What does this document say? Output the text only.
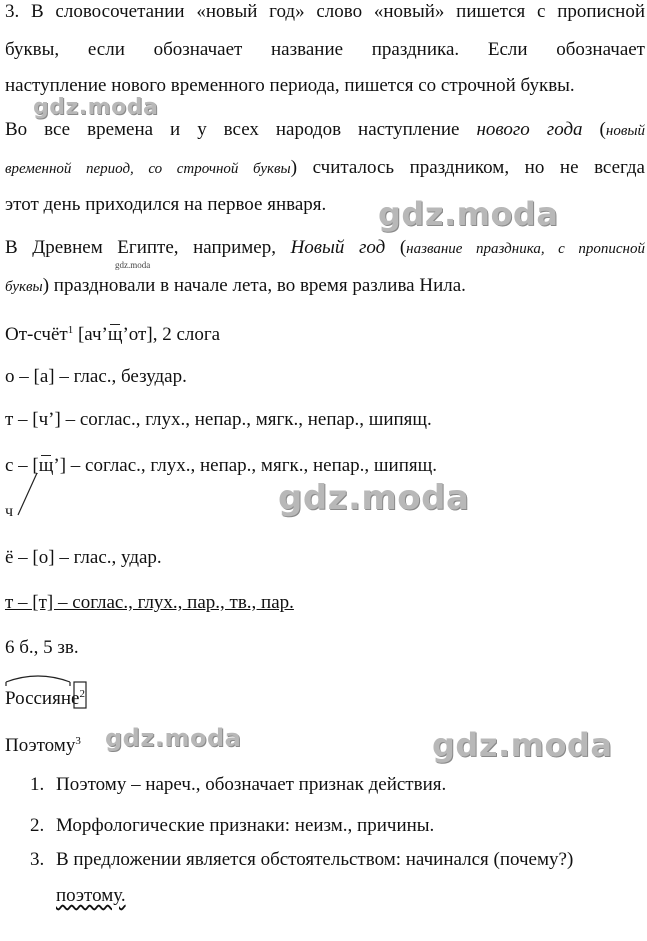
3. В словосочетании «новый год» слово «новый» пишется с прописной
буквы, если обозначает название праздника. Если обозначает
наступление нового временного периода, пишется со строчной буквы.
gdz.moda
Во все времена и у всех народов наступление нового года (новый
временной период, со строчной буквы) считалось праздником, но не всегда
этот день приходился на первое января. gdz.moda
В Древнем Египте, например, Новый год (название праздника, с прописной
gdz.moda
буквы) праздновали в начале лета, во время разлива Нила.
От-счёт$^1$ [ач’щ’от], 2 слога
о – [а] – глас., безудар.
т – [ч’] – соглас., глух., непар., мягк., непар., шипящ.
с – [щ’] – соглас., глух., непар., мягк., непар., шипящ.
ч	gdz.moda
ё – [о] – глас., удар.
т – [т] – соглас., глух., пар., тв., пар.
6 б., 5 зв.
Россияне$^2$
Поэтому$^3$ gdz.moda	gdz.moda
1. Поэтому – нареч., обозначает признак действия.
2. Морфологические признаки: неизм., причины.
3. В предложении является обстоятельством: начинался (почему?)
поэтому.
